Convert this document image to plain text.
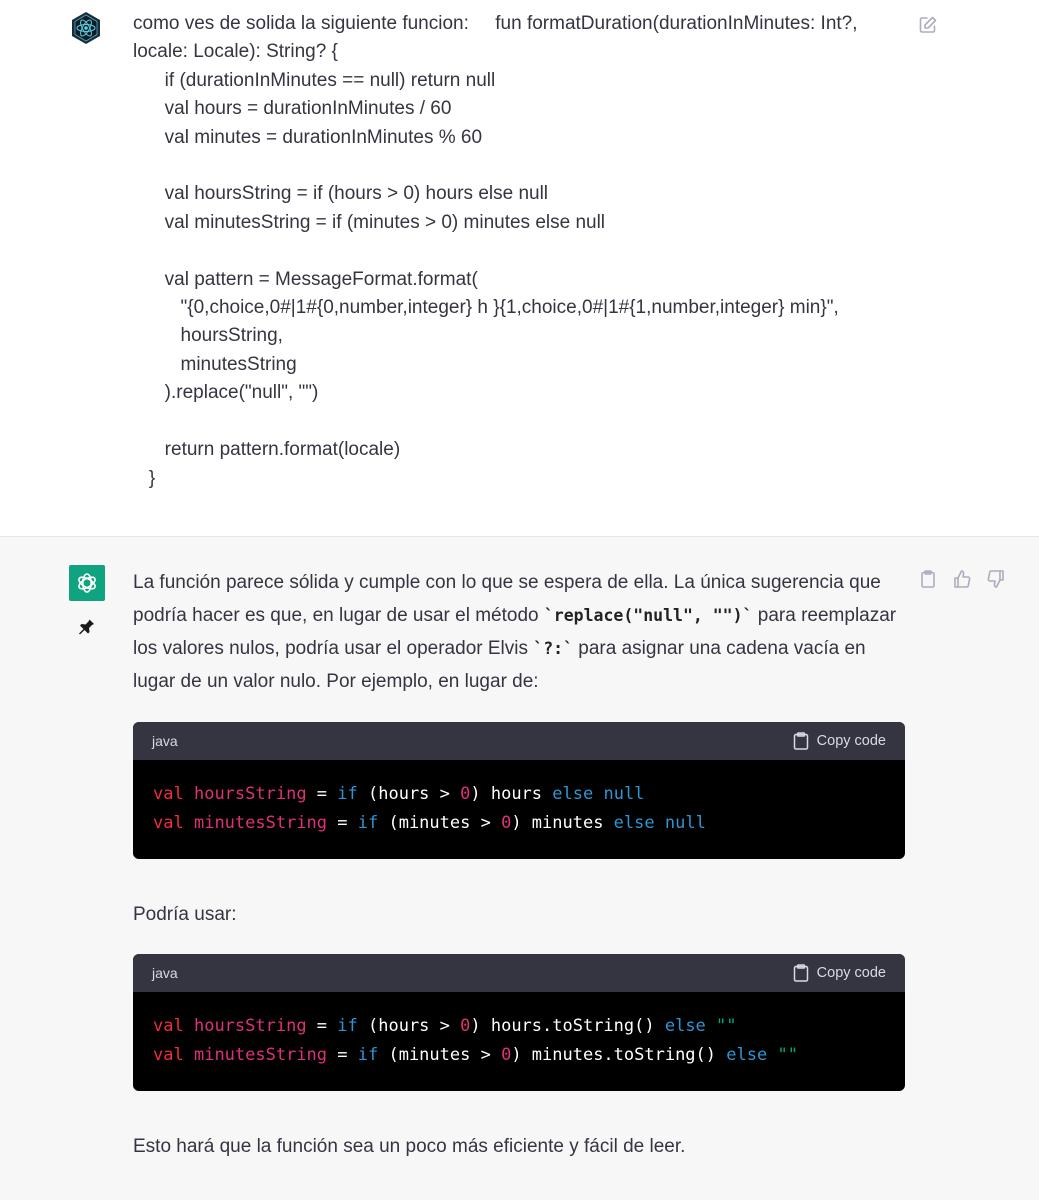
como ves de solida la siguiente funcion:     fun formatDuration(durationInMinutes: Int?,
locale: Locale): String? {
if (durationInMinutes == null) return null
val hours = durationInMinutes / 60
val minutes = durationInMinutes % 60

val hoursString = if (hours > 0) hours else null
val minutesString = if (minutes > 0) minutes else null

val pattern = MessageFormat.format(
"{0,choice,0#|1#{0,number,integer} h }{1,choice,0#|1#{1,number,integer} min}",
hoursString,
minutesString
).replace("null", "")

return pattern.format(locale)
}
La función parece sólida y cumple con lo que se espera de ella. La única sugerencia que podría hacer es que, en lugar de usar el método `replace("null", "")` para reemplazar los valores nulos, podría usar el operador Elvis `?:` para asignar una cadena vacía en lugar de un valor nulo. Por ejemplo, en lugar de:
java	Copy code
val hoursString = if (hours > 0) hours else null
val minutesString = if (minutes > 0) minutes else null
Podría usar:
java	Copy code
val hoursString = if (hours > 0) hours.toString() else ""
val minutesString = if (minutes > 0) minutes.toString() else ""
Esto hará que la función sea un poco más eficiente y fácil de leer.
